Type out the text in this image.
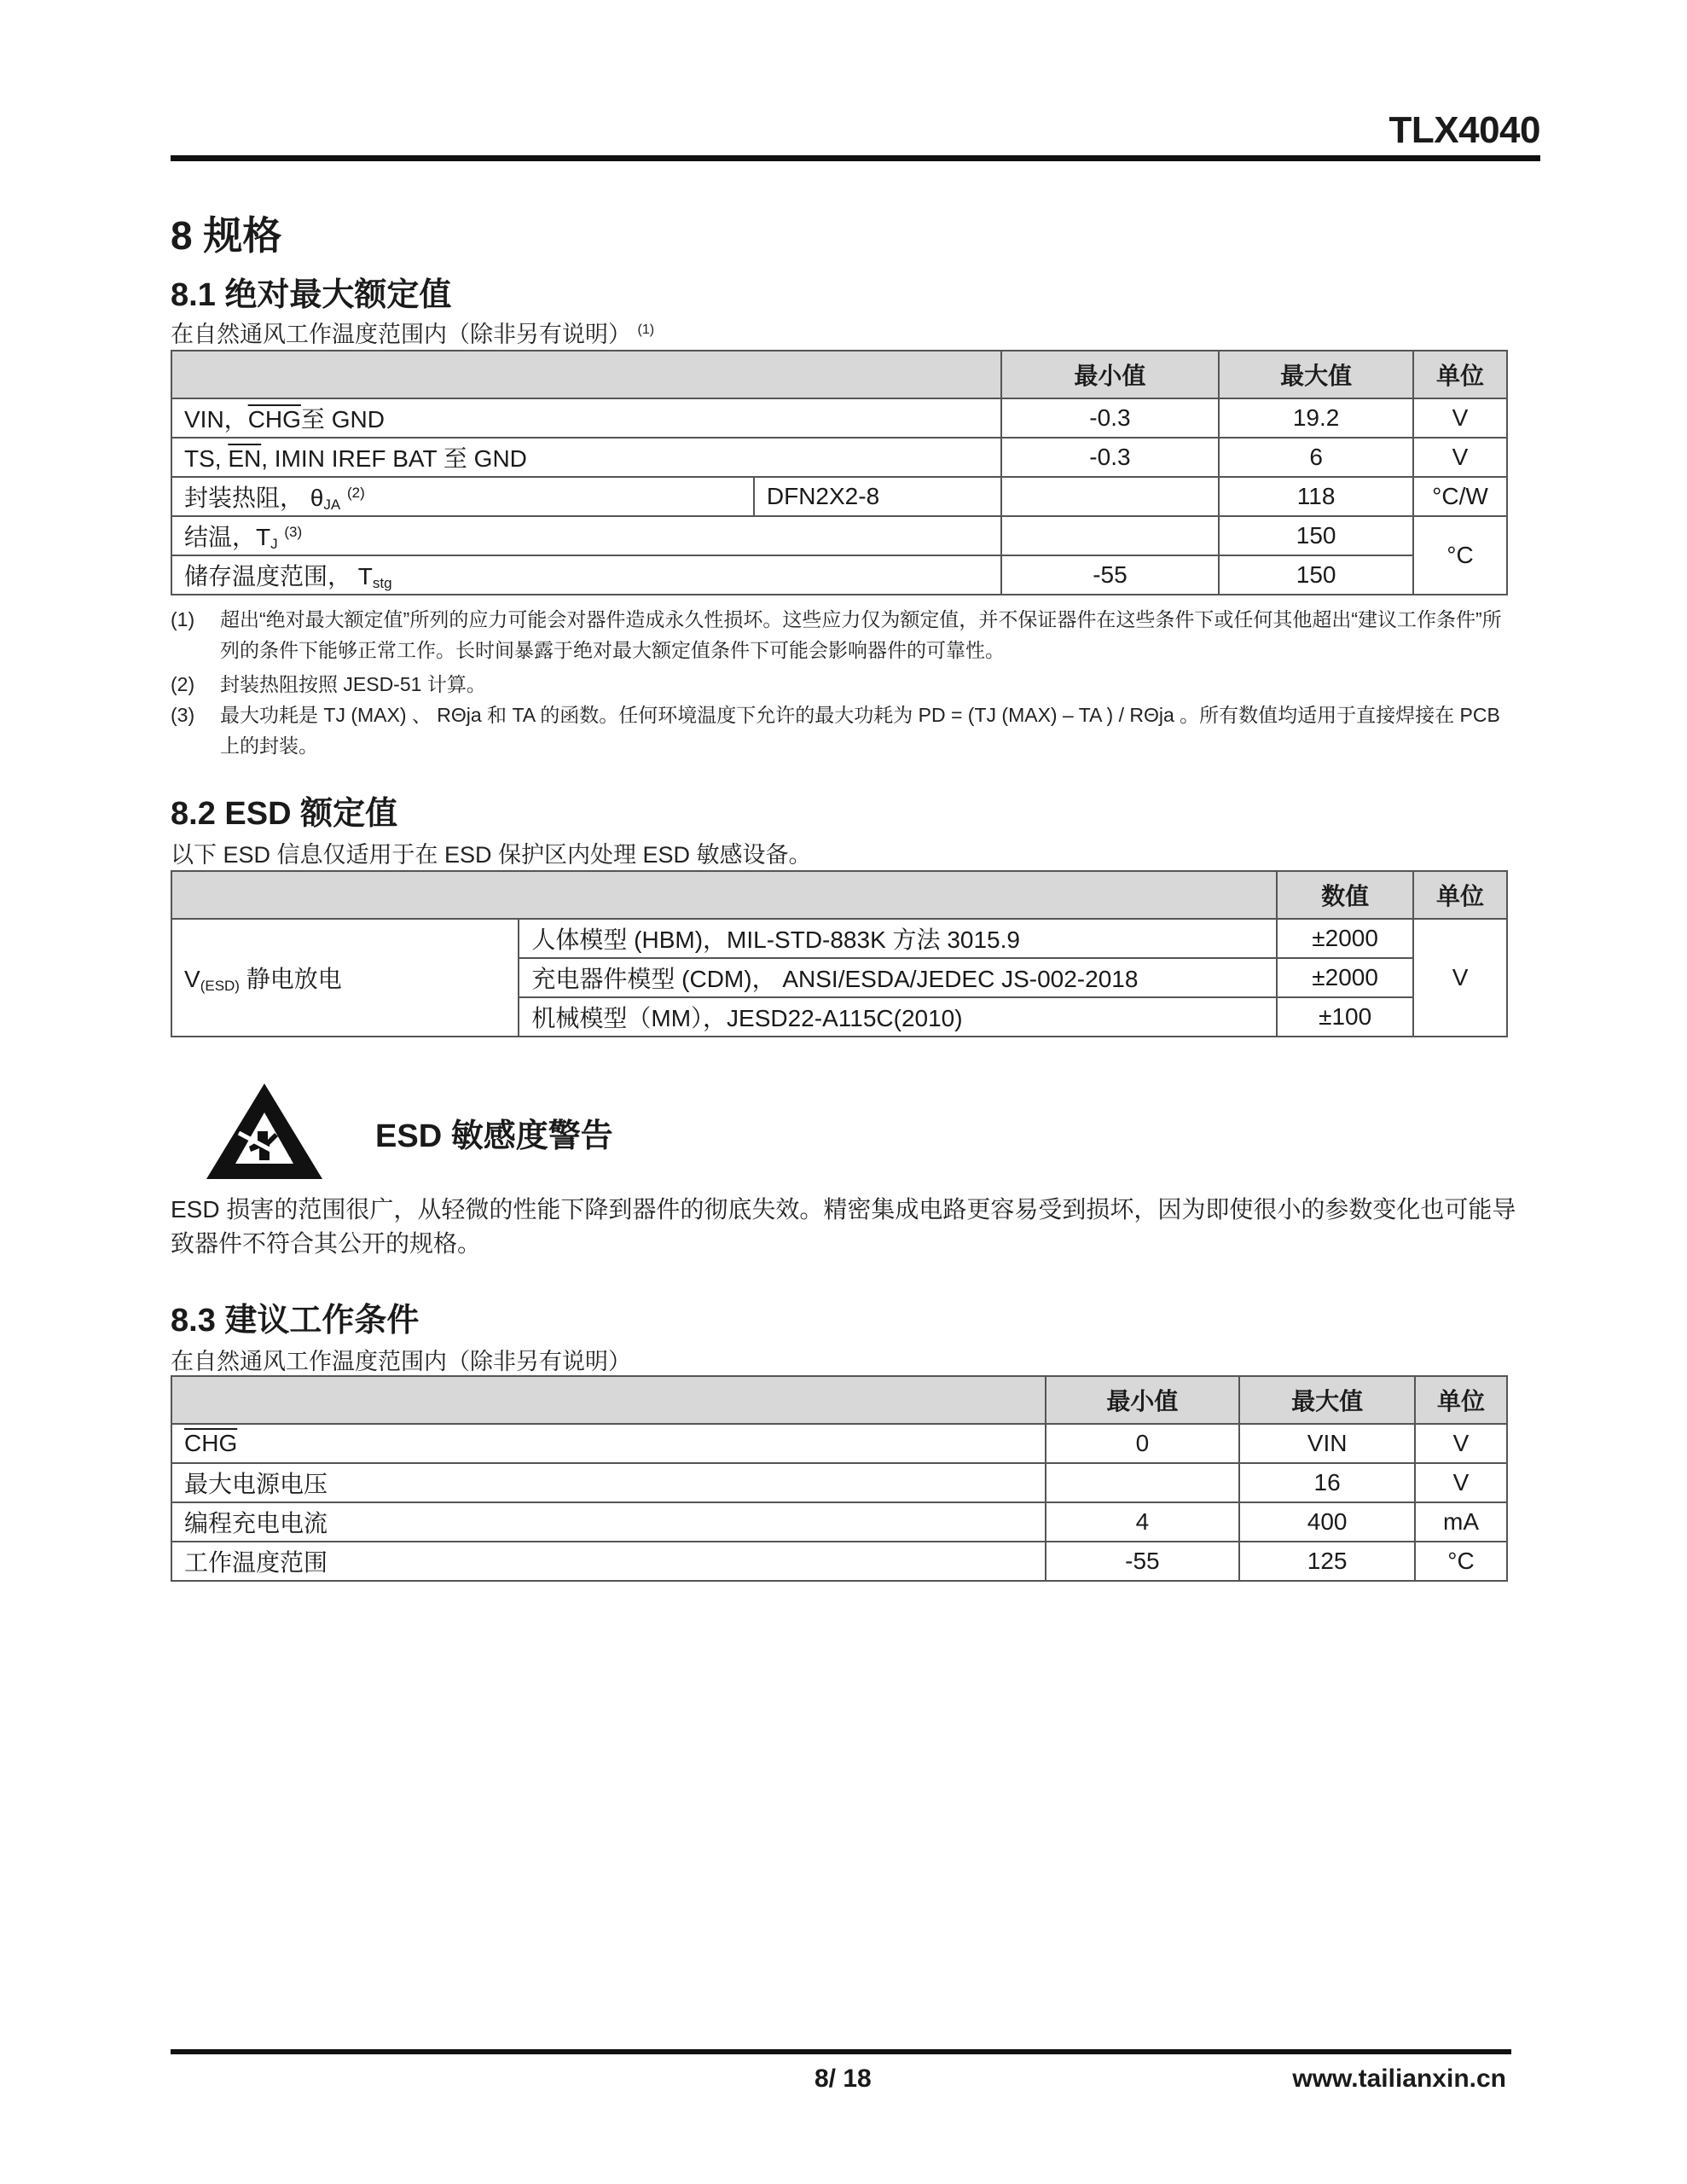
TLX4040
8 规格
8.1 绝对最大额定值
在自然通风工作温度范围内（除非另有说明） $^{(1)}$
		最小值	最大值	单位
VIN，$\overline{CHG}$至 GND		-0.3	19.2	V
TS, $\overline{EN}$, IMIN IREF BAT 至 GND		-0.3	6	V
封装热阻， $\theta_{JA}$ $^{(2)}$	DFN2X2-8		118	°C/W
结温，$T_J$ $^{(3)}$			150	°C
储存温度范围， $T_{stg}$		-55	150	
(1) 超出“绝对最大额定值”所列的应力可能会对器件造成永久性损坏。这些应力仅为额定值，并不保证器件在这些条件下或任何其他超出“建议工作条件”所列的条件下能够正常工作。长时间暴露于绝对最大额定值条件下可能会影响器件的可靠性。
(2) 封装热阻按照 JESD-51 计算。
(3) 最大功耗是 TJ (MAX) 、 RΘja 和 TA 的函数。任何环境温度下允许的最大功耗为 PD = (TJ (MAX) – TA ) / RΘja 。所有数值均适用于直接焊接在 PCB 上的封装。
8.2 ESD 额定值
以下 ESD 信息仅适用于在 ESD 保护区内处理 ESD 敏感设备。
		数值	单位
$V_{(ESD)}$ 静电放电	人体模型 (HBM)，MIL-STD-883K 方法 3015.9	±2000	V
	充电器件模型 (CDM)， ANSI/ESDA/JEDEC JS-002-2018	±2000	
	机械模型（MM），JESD22-A115C(2010)	±100	
ESD 敏感度警告
ESD 损害的范围很广，从轻微的性能下降到器件的彻底失效。精密集成电路更容易受到损坏，因为即使很小的参数变化也可能导致器件不符合其公开的规格。
8.3 建议工作条件
在自然通风工作温度范围内（除非另有说明）
	最小值	最大值	单位
$\overline{CHG}$	0	VIN	V
最大电源电压		16	V
编程充电电流	4	400	mA
工作温度范围	-55	125	°C
8/ 18	www.tailianxin.cn
